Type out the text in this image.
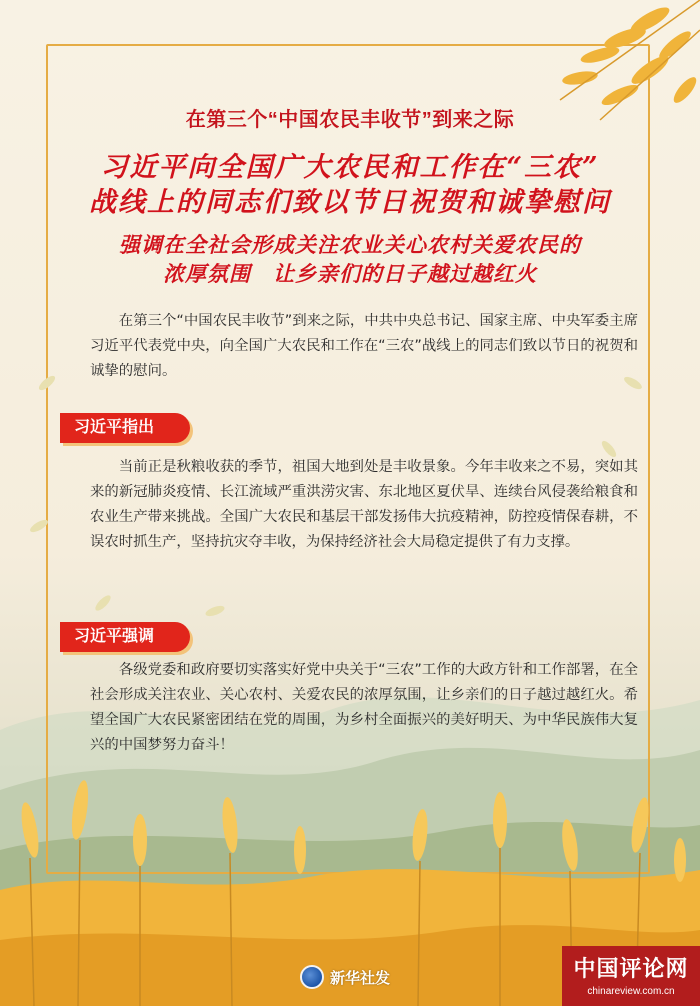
在第三个“中国农民丰收节”到来之际
习近平向全国广大农民和工作在“三农”
战线上的同志们致以节日祝贺和诚挚慰问
强调在全社会形成关注农业关心农村关爱农民的
浓厚氛围　让乡亲们的日子越过越红火

在第三个“中国农民丰收节”到来之际，中共中央总书记、国家主席、中央军委主席习近平代表党中央，向全国广大农民和工作在“三农”战线上的同志们致以节日的祝贺和诚挚的慰问。

习近平指出

当前正是秋粮收获的季节，祖国大地到处是丰收景象。今年丰收来之不易，突如其来的新冠肺炎疫情、长江流域严重洪涝灾害、东北地区夏伏旱、连续台风侵袭给粮食和农业生产带来挑战。全国广大农民和基层干部发扬伟大抗疫精神，防控疫情保春耕，不误农时抓生产，坚持抗灾夺丰收，为保持经济社会大局稳定提供了有力支撑。

习近平强调

各级党委和政府要切实落实好党中央关于“三农”工作的大政方针和工作部署，在全社会形成关注农业、关心农村、关爱农民的浓厚氛围，让乡亲们的日子越过越红火。希望全国广大农民紧密团结在党的周围，为乡村全面振兴的美好明天、为中华民族伟大复兴的中国梦努力奋斗！

新华社发	中国评论网
chinareview.com.cn
